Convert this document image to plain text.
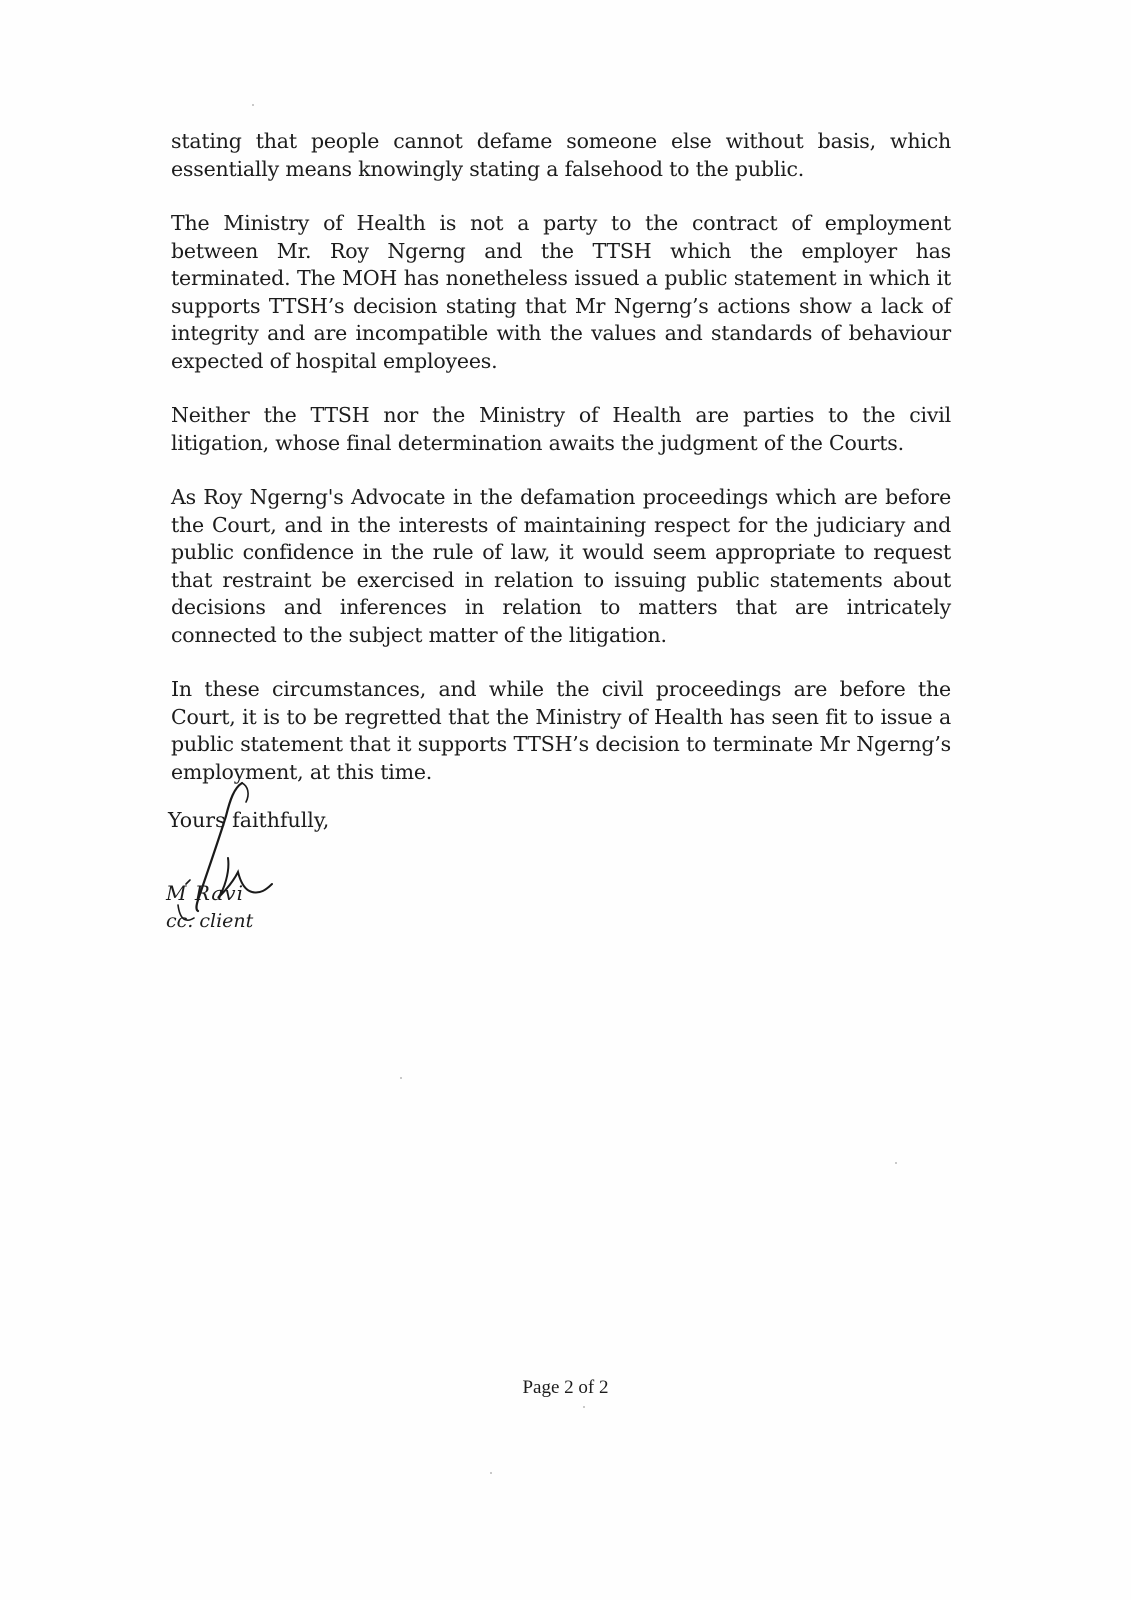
stating that people cannot defame someone else without basis, which essentially means knowingly stating a falsehood to the public.

The Ministry of Health is not a party to the contract of employment between Mr. Roy Ngerng and the TTSH which the employer has terminated. The MOH has nonetheless issued a public statement in which it supports TTSH’s decision stating that Mr Ngerng’s actions show a lack of integrity and are incompatible with the values and standards of behaviour expected of hospital employees.

Neither the TTSH nor the Ministry of Health are parties to the civil litigation, whose final determination awaits the judgment of the Courts.

As Roy Ngerng's Advocate in the defamation proceedings which are before the Court, and in the interests of maintaining respect for the judiciary and public confidence in the rule of law, it would seem appropriate to request that restraint be exercised in relation to issuing public statements about decisions and inferences in relation to matters that are intricately connected to the subject matter of the litigation.

In these circumstances, and while the civil proceedings are before the Court, it is to be regretted that the Ministry of Health has seen fit to issue a public statement that it supports TTSH’s decision to terminate Mr Ngerng’s employment, at this time.

Yours faithfully,

M Ravi

cc. client

Page 2 of 2
